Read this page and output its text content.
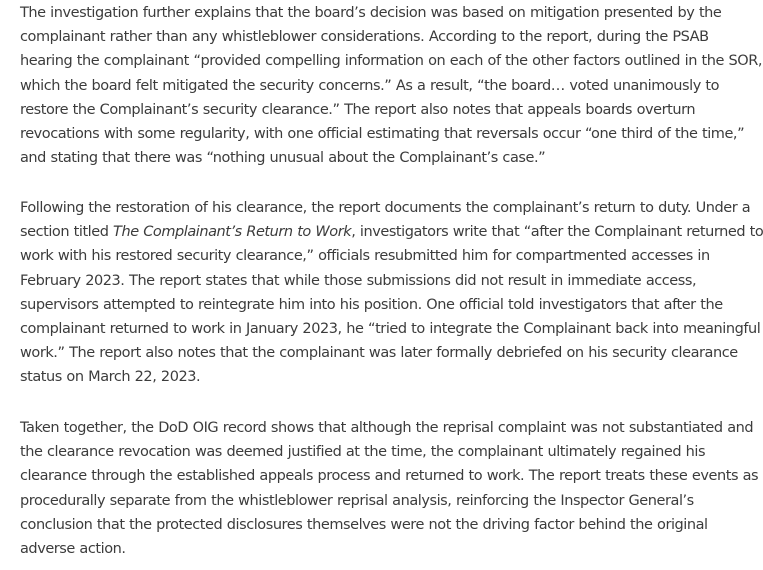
The investigation further explains that the board’s decision was based on mitigation presented by the
complainant rather than any whistleblower considerations. According to the report, during the PSAB
hearing the complainant “provided compelling information on each of the other factors outlined in the SOR,
which the board felt mitigated the security concerns.” As a result, “the board… voted unanimously to
restore the Complainant’s security clearance.” The report also notes that appeals boards overturn
revocations with some regularity, with one official estimating that reversals occur “one third of the time,”
and stating that there was “nothing unusual about the Complainant’s case.”

Following the restoration of his clearance, the report documents the complainant’s return to duty. Under a
section titled The Complainant’s Return to Work, investigators write that “after the Complainant returned to
work with his restored security clearance,” officials resubmitted him for compartmented accesses in
February 2023. The report states that while those submissions did not result in immediate access,
supervisors attempted to reintegrate him into his position. One official told investigators that after the
complainant returned to work in January 2023, he “tried to integrate the Complainant back into meaningful
work.” The report also notes that the complainant was later formally debriefed on his security clearance
status on March 22, 2023.

Taken together, the DoD OIG record shows that although the reprisal complaint was not substantiated and
the clearance revocation was deemed justified at the time, the complainant ultimately regained his
clearance through the established appeals process and returned to work. The report treats these events as
procedurally separate from the whistleblower reprisal analysis, reinforcing the Inspector General’s
conclusion that the protected disclosures themselves were not the driving factor behind the original
adverse action.
